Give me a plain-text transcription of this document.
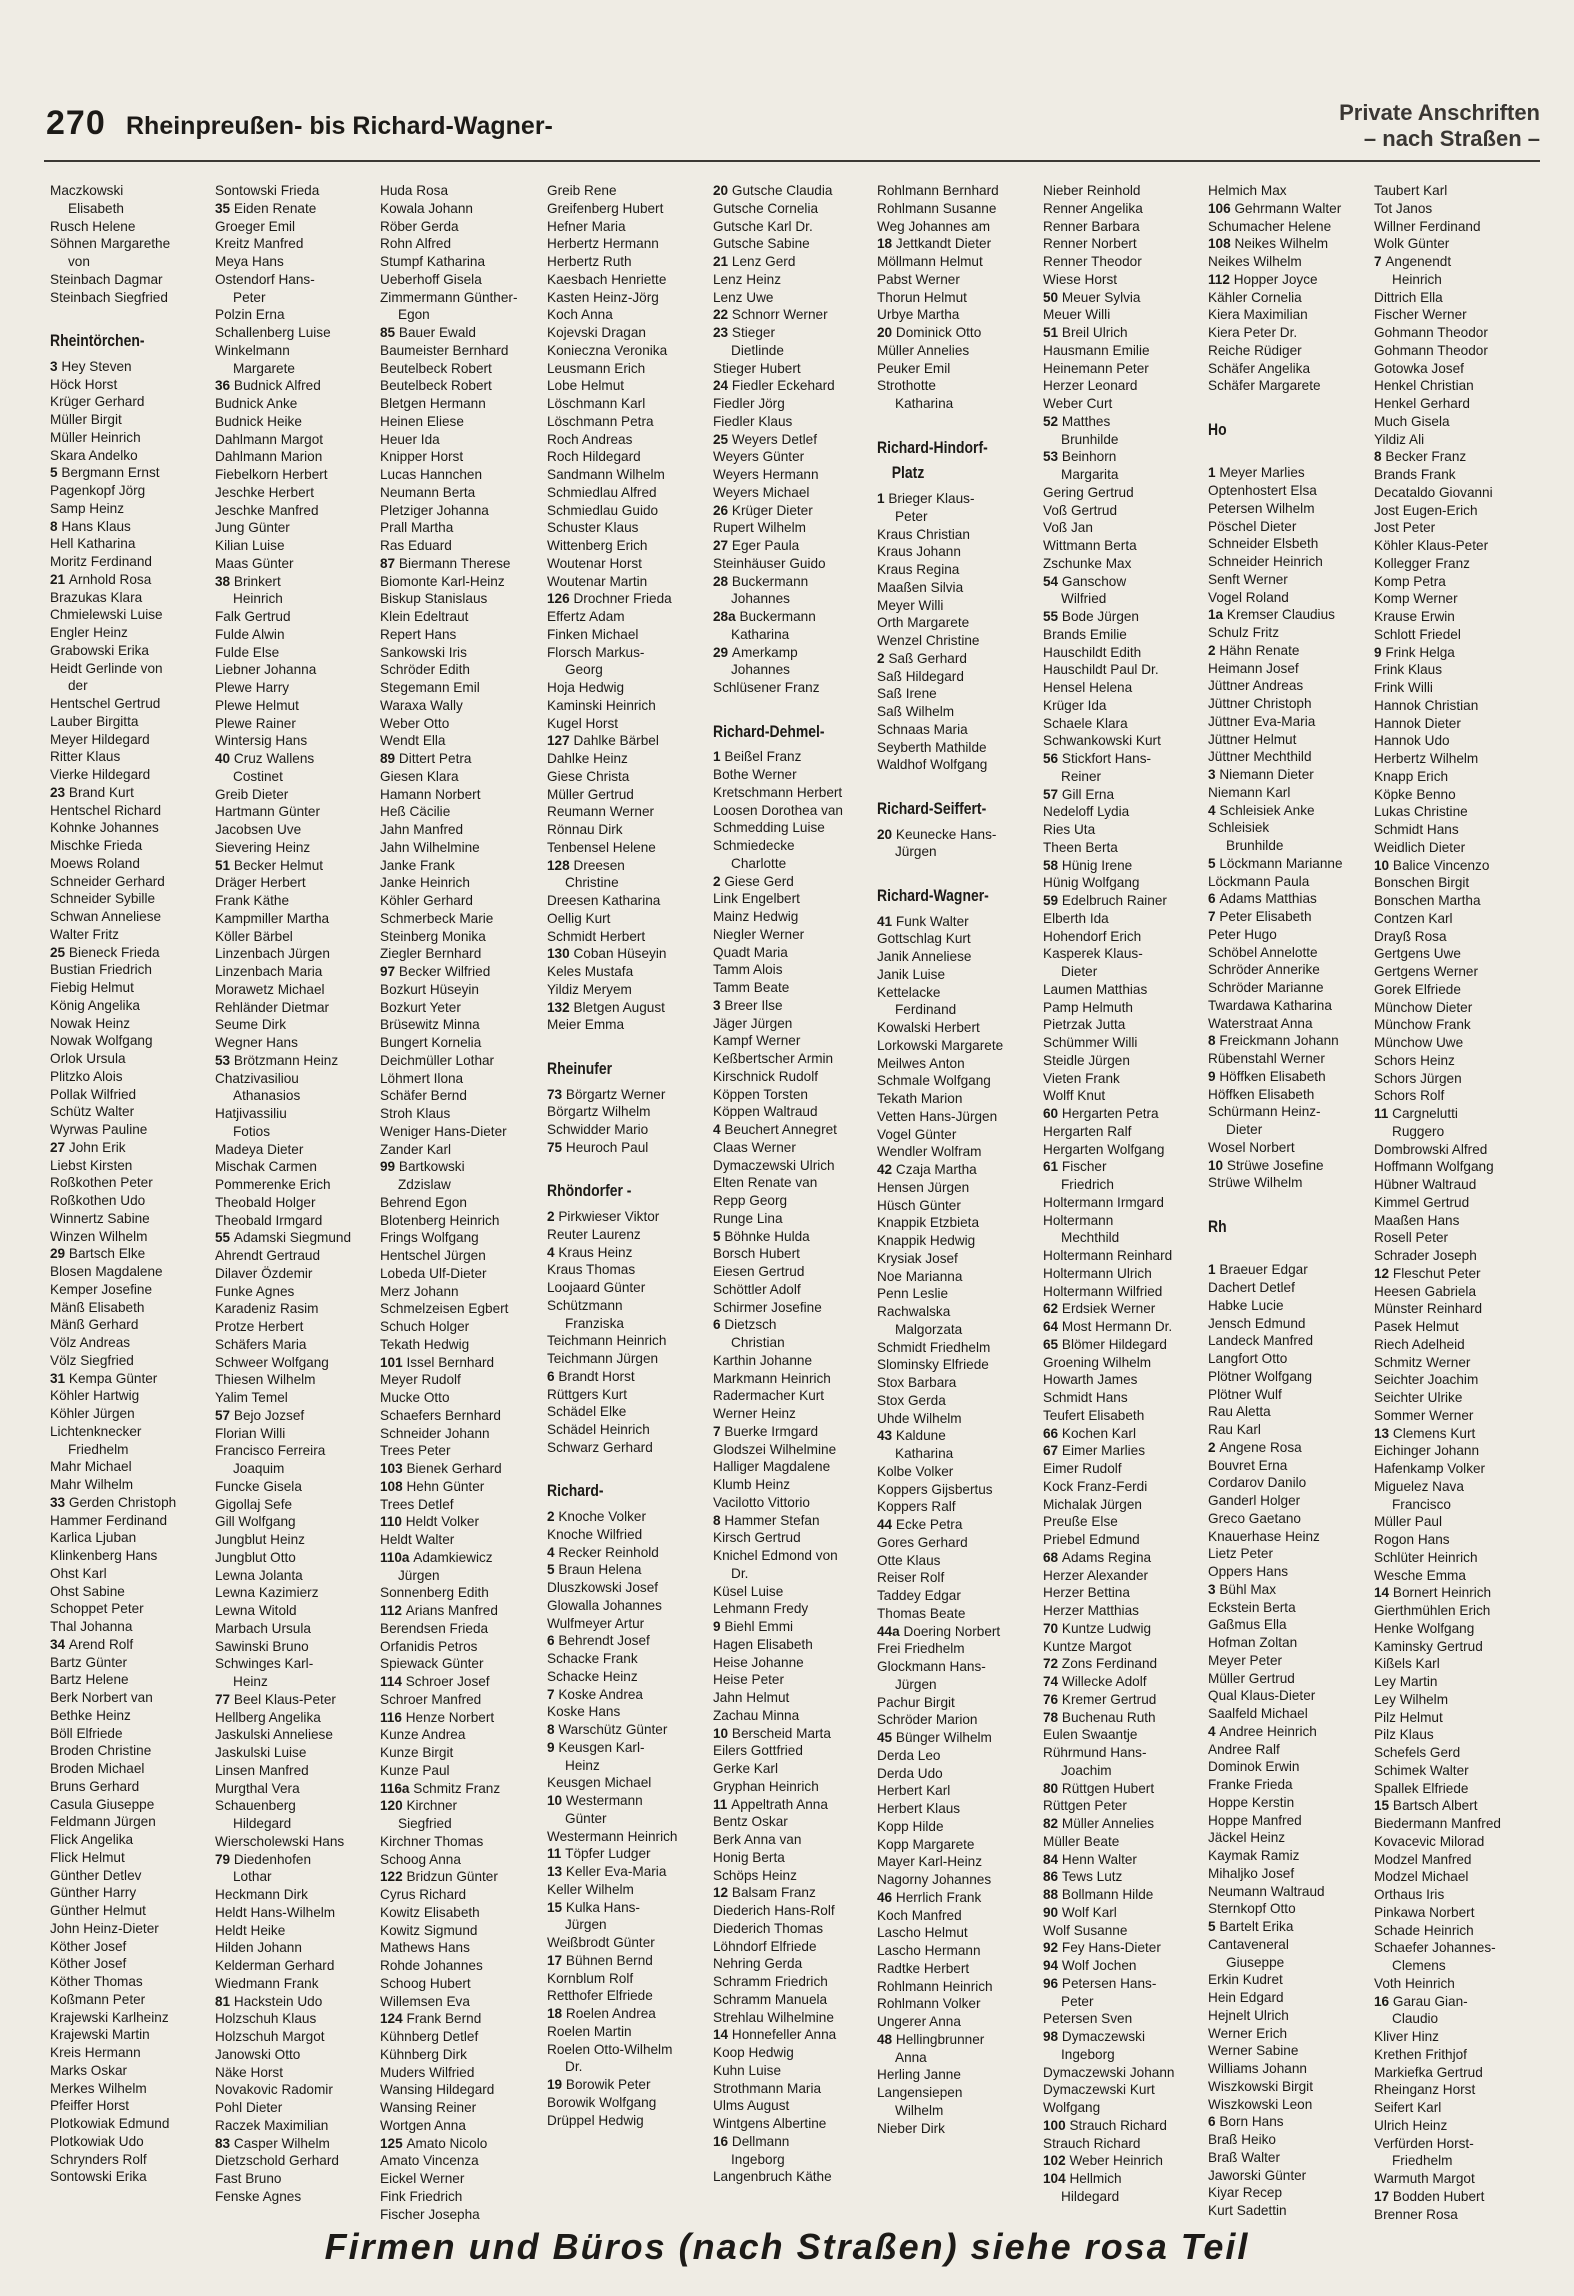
270 Rheinpreußen- bis Richard-Wagner-	Private Anschriften
– nach Straßen –
Maczkowski
Elisabeth
Rusch Helene
Söhnen Margarethe
von
Steinbach Dagmar
Steinbach Siegfried
Rheintörchen-
3 Hey Steven
Höck Horst
Krüger Gerhard
Müller Birgit
Müller Heinrich
Skara Andelko
5 Bergmann Ernst
Pagenkopf Jörg
Samp Heinz
8 Hans Klaus
Hell Katharina
Moritz Ferdinand
21 Arnhold Rosa
Brazukas Klara
Chmielewski Luise
Engler Heinz
Grabowski Erika
Heidt Gerlinde von
der
Hentschel Gertrud
Lauber Birgitta
Meyer Hildegard
Ritter Klaus
Vierke Hildegard
23 Brand Kurt
Hentschel Richard
Kohnke Johannes
Mischke Frieda
Moews Roland
Schneider Gerhard
Schneider Sybille
Schwan Anneliese
Walter Fritz
25 Bieneck Frieda
Bustian Friedrich
Fiebig Helmut
König Angelika
Nowak Heinz
Nowak Wolfgang
Orlok Ursula
Plitzko Alois
Pollak Wilfried
Schütz Walter
Wyrwas Pauline
27 John Erik
Liebst Kirsten
Roßkothen Peter
Roßkothen Udo
Winnertz Sabine
Winzen Wilhelm
29 Bartsch Elke
Blosen Magdalene
Kemper Josefine
Mänß Elisabeth
Mänß Gerhard
Völz Andreas
Völz Siegfried
31 Kempa Günter
Köhler Hartwig
Köhler Jürgen
Lichtenknecker
Friedhelm
Mahr Michael
Mahr Wilhelm
33 Gerden Christoph
Hammer Ferdinand
Karlica Ljuban
Klinkenberg Hans
Ohst Karl
Ohst Sabine
Schoppet Peter
Thal Johanna
34 Arend Rolf
Bartz Günter
Bartz Helene
Berk Norbert van
Bethke Heinz
Böll Elfriede
Broden Christine
Broden Michael
Bruns Gerhard
Casula Giuseppe
Feldmann Jürgen
Flick Angelika
Flick Helmut
Günther Detlev
Günther Harry
Günther Helmut
John Heinz-Dieter
Köther Josef
Köther Josef
Köther Thomas
Koßmann Peter
Krajewski Karlheinz
Krajewski Martin
Kreis Hermann
Marks Oskar
Merkes Wilhelm
Pfeiffer Horst
Plotkowiak Edmund
Plotkowiak Udo
Schrynders Rolf
Sontowski Erika
Sontowski Frieda
35 Eiden Renate
Groeger Emil
Kreitz Manfred
Meya Hans
Ostendorf Hans-
Peter
Polzin Erna
Schallenberg Luise
Winkelmann
Margarete
36 Budnick Alfred
Budnick Anke
Budnick Heike
Dahlmann Margot
Dahlmann Marion
Fiebelkorn Herbert
Jeschke Herbert
Jeschke Manfred
Jung Günter
Kilian Luise
Maas Günter
38 Brinkert
Heinrich
Falk Gertrud
Fulde Alwin
Fulde Else
Liebner Johanna
Plewe Harry
Plewe Helmut
Plewe Rainer
Wintersig Hans
40 Cruz Wallens
Costinet
Greib Dieter
Hartmann Günter
Jacobsen Uve
Sievering Heinz
51 Becker Helmut
Dräger Herbert
Frank Käthe
Kampmiller Martha
Köller Bärbel
Linzenbach Jürgen
Linzenbach Maria
Morawetz Michael
Rehländer Dietmar
Seume Dirk
Wegner Hans
53 Brötzmann Heinz
Chatzivasiliou
Athanasios
Hatjivassiliu
Fotios
Madeya Dieter
Mischak Carmen
Pommerenke Erich
Theobald Holger
Theobald Irmgard
55 Adamski Siegmund
Ahrendt Gertraud
Dilaver Özdemir
Funke Agnes
Karadeniz Rasim
Protze Herbert
Schäfers Maria
Schweer Wolfgang
Thiesen Wilhelm
Yalim Temel
57 Bejo Jozsef
Florian Willi
Francisco Ferreira
Joaquim
Funcke Gisela
Gigollaj Sefe
Gill Wolfgang
Jungblut Heinz
Jungblut Otto
Lewna Jolanta
Lewna Kazimierz
Lewna Witold
Marbach Ursula
Sawinski Bruno
Schwinges Karl-
Heinz
77 Beel Klaus-Peter
Hellberg Angelika
Jaskulski Anneliese
Jaskulski Luise
Linsen Manfred
Murgthal Vera
Schauenberg
Hildegard
Wierscholewski Hans
79 Diedenhofen
Lothar
Heckmann Dirk
Heldt Hans-Wilhelm
Heldt Heike
Hilden Johann
Kelderman Gerhard
Wiedmann Frank
81 Hackstein Udo
Holzschuh Klaus
Holzschuh Margot
Janowski Otto
Näke Horst
Novakovic Radomir
Pohl Dieter
Raczek Maximilian
83 Casper Wilhelm
Dietzschold Gerhard
Fast Bruno
Fenske Agnes
Huda Rosa
Kowala Johann
Röber Gerda
Rohn Alfred
Stumpf Katharina
Ueberhoff Gisela
Zimmermann Günther-
Egon
85 Bauer Ewald
Baumeister Bernhard
Beutelbeck Robert
Beutelbeck Robert
Bletgen Hermann
Heinen Eliese
Heuer Ida
Knipper Horst
Lucas Hannchen
Neumann Berta
Pletziger Johanna
Prall Martha
Ras Eduard
87 Biermann Therese
Biomonte Karl-Heinz
Biskup Stanislaus
Klein Edeltraut
Repert Hans
Sankowski Iris
Schröder Edith
Stegemann Emil
Waraxa Wally
Weber Otto
Wendt Ella
89 Dittert Petra
Giesen Klara
Hamann Norbert
Heß Cäcilie
Jahn Manfred
Jahn Wilhelmine
Janke Frank
Janke Heinrich
Köhler Gerhard
Schmerbeck Marie
Steinberg Monika
Ziegler Bernhard
97 Becker Wilfried
Bozkurt Hüseyin
Bozkurt Yeter
Brüsewitz Minna
Bungert Kornelia
Deichmüller Lothar
Löhmert Ilona
Schäfer Bernd
Stroh Klaus
Weniger Hans-Dieter
Zander Karl
99 Bartkowski
Zdzislaw
Behrend Egon
Blotenberg Heinrich
Frings Wolfgang
Hentschel Jürgen
Lobeda Ulf-Dieter
Merz Johann
Schmelzeisen Egbert
Schuch Holger
Tekath Hedwig
101 Issel Bernhard
Meyer Rudolf
Mucke Otto
Schaefers Bernhard
Schneider Johann
Trees Peter
103 Bienek Gerhard
108 Hehn Günter
Trees Detlef
110 Heldt Volker
Heldt Walter
110a Adamkiewicz
Jürgen
Sonnenberg Edith
112 Arians Manfred
Berendsen Frieda
Orfanidis Petros
Spiewack Günter
114 Schroer Josef
Schroer Manfred
116 Henze Norbert
Kunze Andrea
Kunze Birgit
Kunze Paul
116a Schmitz Franz
120 Kirchner
Siegfried
Kirchner Thomas
Schoog Anna
122 Bridzun Günter
Cyrus Richard
Kowitz Elisabeth
Kowitz Sigmund
Mathews Hans
Rohde Johannes
Schoog Hubert
Willemsen Eva
124 Frank Bernd
Kühnberg Detlef
Kühnberg Dirk
Muders Wilfried
Wansing Hildegard
Wansing Reiner
Wortgen Anna
125 Amato Nicolo
Amato Vincenza
Eickel Werner
Fink Friedrich
Fischer Josepha
Greib Rene
Greifenberg Hubert
Hefner Maria
Herbertz Hermann
Herbertz Ruth
Kaesbach Henriette
Kasten Heinz-Jörg
Koch Anna
Kojevski Dragan
Konieczna Veronika
Leusmann Erich
Lobe Helmut
Löschmann Karl
Löschmann Petra
Roch Andreas
Roch Hildegard
Sandmann Wilhelm
Schmiedlau Alfred
Schmiedlau Guido
Schuster Klaus
Wittenberg Erich
Woutenar Horst
Woutenar Martin
126 Drochner Frieda
Effertz Adam
Finken Michael
Florsch Markus-
Georg
Hoja Hedwig
Kaminski Heinrich
Kugel Horst
127 Dahlke Bärbel
Dahlke Heinz
Giese Christa
Müller Gertrud
Reumann Werner
Rönnau Dirk
Tenbensel Helene
128 Dreesen
Christine
Dreesen Katharina
Oellig Kurt
Schmidt Herbert
130 Coban Hüseyin
Keles Mustafa
Yildiz Meryem
132 Bletgen August
Meier Emma
Rheinufer
73 Börgartz Werner
Börgartz Wilhelm
Schwidder Mario
75 Heuroch Paul
Rhöndorfer -
2 Pirkwieser Viktor
Reuter Laurenz
4 Kraus Heinz
Kraus Thomas
Loojaard Günter
Schützmann
Franziska
Teichmann Heinrich
Teichmann Jürgen
6 Brandt Horst
Rüttgers Kurt
Schädel Elke
Schädel Heinrich
Schwarz Gerhard
Richard-
2 Knoche Volker
Knoche Wilfried
4 Recker Reinhold
5 Braun Helena
Dluszkowski Josef
Glowalla Johannes
Wulfmeyer Artur
6 Behrendt Josef
Schacke Frank
Schacke Heinz
7 Koske Andrea
Koske Hans
8 Warschütz Günter
9 Keusgen Karl-
Heinz
Keusgen Michael
10 Westermann
Günter
Westermann Heinrich
11 Töpfer Ludger
13 Keller Eva-Maria
Keller Wilhelm
15 Kulka Hans-
Jürgen
Weißbrodt Günter
17 Bühnen Bernd
Kornblum Rolf
Retthofer Elfriede
18 Roelen Andrea
Roelen Martin
Roelen Otto-Wilhelm
Dr.
19 Borowik Peter
Borowik Wolfgang
Drüppel Hedwig
20 Gutsche Claudia
Gutsche Cornelia
Gutsche Karl Dr.
Gutsche Sabine
21 Lenz Gerd
Lenz Heinz
Lenz Uwe
22 Schnorr Werner
23 Stieger
Dietlinde
Stieger Hubert
24 Fiedler Eckehard
Fiedler Jörg
Fiedler Klaus
25 Weyers Detlef
Weyers Günter
Weyers Hermann
Weyers Michael
26 Krüger Dieter
Rupert Wilhelm
27 Eger Paula
Steinhäuser Guido
28 Buckermann
Johannes
28a Buckermann
Katharina
29 Amerkamp
Johannes
Schlüsener Franz
Richard-Dehmel-
1 Beißel Franz
Bothe Werner
Kretschmann Herbert
Loosen Dorothea van
Schmedding Luise
Schmiedecke
Charlotte
2 Giese Gerd
Link Engelbert
Mainz Hedwig
Niegler Werner
Quadt Maria
Tamm Alois
Tamm Beate
3 Breer Ilse
Jäger Jürgen
Kampf Werner
Keßbertscher Armin
Kirschnick Rudolf
Köppen Torsten
Köppen Waltraud
4 Beuchert Annegret
Claas Werner
Dymaczewski Ulrich
Elten Renate van
Repp Georg
Runge Lina
5 Böhnke Hulda
Borsch Hubert
Eiesen Gertrud
Schöttler Adolf
Schirmer Josefine
6 Dietzsch
Christian
Karthin Johanne
Markmann Heinrich
Radermacher Kurt
Werner Heinz
7 Buerke Irmgard
Glodszei Wilhelmine
Halliger Magdalene
Klumb Heinz
Vacilotto Vittorio
8 Hammer Stefan
Kirsch Gertrud
Knichel Edmond von
Dr.
Küsel Luise
Lehmann Fredy
9 Biehl Emmi
Hagen Elisabeth
Heise Johanne
Heise Peter
Jahn Helmut
Zachau Minna
10 Berscheid Marta
Eilers Gottfried
Gerke Karl
Gryphan Heinrich
11 Appeltrath Anna
Bentz Oskar
Berk Anna van
Honig Berta
Schöps Heinz
12 Balsam Franz
Diederich Hans-Rolf
Diederich Thomas
Löhndorf Elfriede
Nehring Gerda
Schramm Friedrich
Schramm Manuela
Strehlau Wilhelmine
14 Honnefeller Anna
Koop Hedwig
Kuhn Luise
Strothmann Maria
Ulms August
Wintgens Albertine
16 Dellmann
Ingeborg
Langenbruch Käthe
Rohlmann Bernhard
Rohlmann Susanne
Weg Johannes am
18 Jettkandt Dieter
Möllmann Helmut
Pabst Werner
Thorun Helmut
Urbye Martha
20 Dominick Otto
Müller Annelies
Peuker Emil
Strothotte
Katharina
Richard-Hindorf-
Platz
1 Brieger Klaus-
Peter
Kraus Christian
Kraus Johann
Kraus Regina
Maaßen Silvia
Meyer Willi
Orth Margarete
Wenzel Christine
2 Saß Gerhard
Saß Hildegard
Saß Irene
Saß Wilhelm
Schnaas Maria
Seyberth Mathilde
Waldhof Wolfgang
Richard-Seiffert-
20 Keunecke Hans-
Jürgen
Richard-Wagner-
41 Funk Walter
Gottschlag Kurt
Janik Anneliese
Janik Luise
Kettelacke
Ferdinand
Kowalski Herbert
Lorkowski Margarete
Meilwes Anton
Schmale Wolfgang
Tekath Marion
Vetten Hans-Jürgen
Vogel Günter
Wendler Wolfram
42 Czaja Martha
Hensen Jürgen
Hüsch Günter
Knappik Etzbieta
Knappik Hedwig
Krysiak Josef
Noe Marianna
Penn Leslie
Rachwalska
Malgorzata
Schmidt Friedhelm
Slominsky Elfriede
Stox Barbara
Stox Gerda
Uhde Wilhelm
43 Kaldune
Katharina
Kolbe Volker
Koppers Gijsbertus
Koppers Ralf
44 Ecke Petra
Gores Gerhard
Otte Klaus
Reiser Rolf
Taddey Edgar
Thomas Beate
44a Doering Norbert
Frei Friedhelm
Glockmann Hans-
Jürgen
Pachur Birgit
Schröder Marion
45 Bünger Wilhelm
Derda Leo
Derda Udo
Herbert Karl
Herbert Klaus
Kopp Hilde
Kopp Margarete
Mayer Karl-Heinz
Nagorny Johannes
46 Herrlich Frank
Koch Manfred
Lascho Helmut
Lascho Hermann
Radtke Herbert
Rohlmann Heinrich
Rohlmann Volker
Ungerer Anna
48 Hellingbrunner
Anna
Herling Janne
Langensiepen
Wilhelm
Nieber Dirk
Nieber Reinhold
Renner Angelika
Renner Barbara
Renner Norbert
Renner Theodor
Wiese Horst
50 Meuer Sylvia
Meuer Willi
51 Breil Ulrich
Hausmann Emilie
Heinemann Peter
Herzer Leonard
Weber Curt
52 Matthes
Brunhilde
53 Beinhorn
Margarita
Gering Gertrud
Voß Gertrud
Voß Jan
Wittmann Berta
Zschunke Max
54 Ganschow
Wilfried
55 Bode Jürgen
Brands Emilie
Hauschildt Edith
Hauschildt Paul Dr.
Hensel Helena
Krüger Ida
Schaele Klara
Schwankowski Kurt
56 Stickfort Hans-
Reiner
57 Gill Erna
Nedeloff Lydia
Ries Uta
Theen Berta
58 Hünig Irene
Hünig Wolfgang
59 Edelbruch Rainer
Elberth Ida
Hohendorf Erich
Kasperek Klaus-
Dieter
Laumen Matthias
Pamp Helmuth
Pietrzak Jutta
Schümmer Willi
Steidle Jürgen
Vieten Frank
Wolff Knut
60 Hergarten Petra
Hergarten Ralf
Hergarten Wolfgang
61 Fischer
Friedrich
Holtermann Irmgard
Holtermann
Mechthild
Holtermann Reinhard
Holtermann Ulrich
Holtermann Wilfried
62 Erdsiek Werner
64 Most Hermann Dr.
65 Blömer Hildegard
Groening Wilhelm
Howarth James
Schmidt Hans
Teufert Elisabeth
66 Kochen Karl
67 Eimer Marlies
Eimer Rudolf
Kock Franz-Ferdi
Michalak Jürgen
Preuße Else
Priebel Edmund
68 Adams Regina
Herzer Alexander
Herzer Bettina
Herzer Matthias
70 Kuntze Ludwig
Kuntze Margot
72 Zons Ferdinand
74 Willecke Adolf
76 Kremer Gertrud
78 Buchenau Ruth
Eulen Swaantje
Rührmund Hans-
Joachim
80 Rüttgen Hubert
Rüttgen Peter
82 Müller Annelies
Müller Beate
84 Henn Walter
86 Tews Lutz
88 Bollmann Hilde
90 Wolf Karl
Wolf Susanne
92 Fey Hans-Dieter
94 Wolf Jochen
96 Petersen Hans-
Peter
Petersen Sven
98 Dymaczewski
Ingeborg
Dymaczewski Johann
Dymaczewski Kurt
Wolfgang
100 Strauch Richard
Strauch Richard
102 Weber Heinrich
104 Hellmich
Hildegard
Helmich Max
106 Gehrmann Walter
Schumacher Helene
108 Neikes Wilhelm
Neikes Wilhelm
112 Hopper Joyce
Kähler Cornelia
Kiera Maximilian
Kiera Peter Dr.
Reiche Rüdiger
Schäfer Angelika
Schäfer Margarete
Ho
1 Meyer Marlies
Optenhostert Elsa
Petersen Wilhelm
Pöschel Dieter
Schneider Elsbeth
Schneider Heinrich
Senft Werner
Vogel Roland
1a Kremser Claudius
Schulz Fritz
2 Hähn Renate
Heimann Josef
Jüttner Andreas
Jüttner Christoph
Jüttner Eva-Maria
Jüttner Helmut
Jüttner Mechthild
3 Niemann Dieter
Niemann Karl
4 Schleisiek Anke
Schleisiek
Brunhilde
5 Löckmann Marianne
Löckmann Paula
6 Adams Matthias
7 Peter Elisabeth
Peter Hugo
Schöbel Annelotte
Schröder Annerike
Schröder Marianne
Twardawa Katharina
Waterstraat Anna
8 Freickmann Johann
Rübenstahl Werner
9 Höffken Elisabeth
Höffken Elisabeth
Schürmann Heinz-
Dieter
Wosel Norbert
10 Strüwe Josefine
Strüwe Wilhelm
Rh
1 Braeuer Edgar
Dachert Detlef
Habke Lucie
Jensch Edmund
Landeck Manfred
Langfort Otto
Plötner Wolfgang
Plötner Wulf
Rau Aletta
Rau Karl
2 Angene Rosa
Bouvret Erna
Cordarov Danilo
Ganderl Holger
Greco Gaetano
Knauerhase Heinz
Lietz Peter
Oppers Hans
3 Bühl Max
Eckstein Berta
Gaßmus Ella
Hofman Zoltan
Meyer Peter
Müller Gertrud
Qual Klaus-Dieter
Saalfeld Michael
4 Andree Heinrich
Andree Ralf
Dominok Erwin
Franke Frieda
Hoppe Kerstin
Hoppe Manfred
Jäckel Heinz
Kaymak Ramiz
Mihaljko Josef
Neumann Waltraud
Sternkopf Otto
5 Bartelt Erika
Cantaveneral
Giuseppe
Erkin Kudret
Hein Edgard
Hejnelt Ulrich
Werner Erich
Werner Sabine
Williams Johann
Wiszkowski Birgit
Wiszkowski Leon
6 Born Hans
Braß Heiko
Braß Walter
Jaworski Günter
Kiyar Recep
Kurt Sadettin
Taubert Karl
Tot Janos
Willner Ferdinand
Wolk Günter
7 Angenendt
Heinrich
Dittrich Ella
Fischer Werner
Gohmann Theodor
Gohmann Theodor
Gotowka Josef
Henkel Christian
Henkel Gerhard
Much Gisela
Yildiz Ali
8 Becker Franz
Brands Frank
Decataldo Giovanni
Jost Eugen-Erich
Jost Peter
Köhler Klaus-Peter
Kollegger Franz
Komp Petra
Komp Werner
Krause Erwin
Schlott Friedel
9 Frink Helga
Frink Klaus
Frink Willi
Hannok Christian
Hannok Dieter
Hannok Udo
Herbertz Wilhelm
Knapp Erich
Köpke Benno
Lukas Christine
Schmidt Hans
Weidlich Dieter
10 Balice Vincenzo
Bonschen Birgit
Bonschen Martha
Contzen Karl
Drayß Rosa
Gertgens Uwe
Gertgens Werner
Gorek Elfriede
Münchow Dieter
Münchow Frank
Münchow Uwe
Schors Heinz
Schors Jürgen
Schors Rolf
11 Cargnelutti
Ruggero
Dombrowski Alfred
Hoffmann Wolfgang
Hübner Waltraud
Kimmel Gertrud
Maaßen Hans
Rosell Peter
Schrader Joseph
12 Fleschut Peter
Heesen Gabriela
Münster Reinhard
Pasek Helmut
Riech Adelheid
Schmitz Werner
Seichter Joachim
Seichter Ulrike
Sommer Werner
13 Clemens Kurt
Eichinger Johann
Hafenkamp Volker
Miguelez Nava
Francisco
Müller Paul
Rogon Hans
Schlüter Heinrich
Wesche Emma
14 Bornert Heinrich
Gierthmühlen Erich
Henke Wolfgang
Kaminsky Gertrud
Kißels Karl
Ley Martin
Ley Wilhelm
Pilz Helmut
Pilz Klaus
Schefels Gerd
Schimek Walter
Spallek Elfriede
15 Bartsch Albert
Biedermann Manfred
Kovacevic Milorad
Modzel Manfred
Modzel Michael
Orthaus Iris
Pinkawa Norbert
Schade Heinrich
Schaefer Johannes-
Clemens
Voth Heinrich
16 Garau Gian-
Claudio
Kliver Hinz
Krethen Frithjof
Markiefka Gertrud
Rheinganz Horst
Seifert Karl
Ulrich Heinz
Verfürden Horst-
Friedhelm
Warmuth Margot
17 Bodden Hubert
Brenner Rosa
Firmen und Büros (nach Straßen) siehe rosa Teil
